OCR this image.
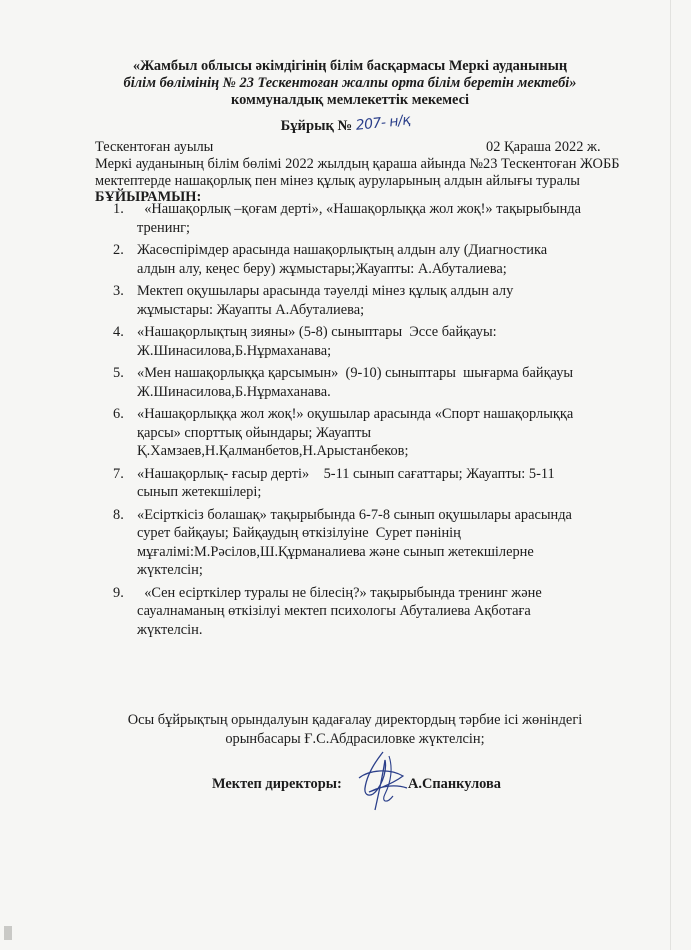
«Жамбыл облысы әкімдігінің білім басқармасы Меркі ауданының
білім бөлімінің № 23 Тескентоған жалпы орта білім беретін мектебі»
коммуналдық мемлекеттік мекемесі
Бұйрық № 207- н/қ
Тескентоған ауылы	02 Қараша 2022 ж.
Меркі ауданының білім бөлімі 2022 жылдың қараша айында №23 Тескентоған ЖОББ мектептерде нашақорлық пен мінез құлық ауруларының алдын айлығы туралы БҰЙЫРАМЫН:
1. «Нашақорлық –қоғам дерті», «Нашақорлыққа жол жоқ!» тақырыбында
тренинг;
2. Жасөспірімдер арасында нашақорлықтың алдын алу (Диагностика
алдын алу, кеңес беру) жұмыстары;Жауапты: А.Абуталиева;
3. Мектеп оқушылары арасында тәуелді мінез құлық алдын алу
жұмыстары: Жауапты А.Абуталиева;
4. «Нашақорлықтың зияны» (5-8) сыныптары  Эссе байқауы:
Ж.Шинасилова,Б.Нұрмаханава;
5. «Мен нашақорлыққа қарсымын»  (9-10) сыныптары  шығарма байқауы
Ж.Шинасилова,Б.Нұрмаханава.
6. «Нашақорлыққа жол жоқ!» оқушылар арасында «Спорт нашақорлыққа
қарсы» спорттық ойындары; Жауапты
Қ.Хамзаев,Н.Қалманбетов,Н.Арыстанбеков;
7. «Нашақорлық- ғасыр дерті»    5-11 сынып сағаттары; Жауапты: 5-11
сынып жетекшілері;
8. «Есірткісіз болашақ» тақырыбында 6-7-8 сынып оқушылары арасында
сурет байқауы; Байқаудың өткізілуіне  Сурет пәнінің
мұғалімі:М.Рәсілов,Ш.Құрманалиева және сынып жетекшілерне
жүктелсін;
9. «Сен есірткілер туралы не білесің?» тақырыбында тренинг және
сауалнаманың өткізілуі мектеп психологы Абуталиева Ақботаға
жүктелсін.
Осы бұйрықтың орындалуын қадағалау директордың тәрбие ісі жөніндегі
орынбасары Ғ.С.Абдрасиловке жүктелсін;
Мектеп директоры:	А.Спанкулова
